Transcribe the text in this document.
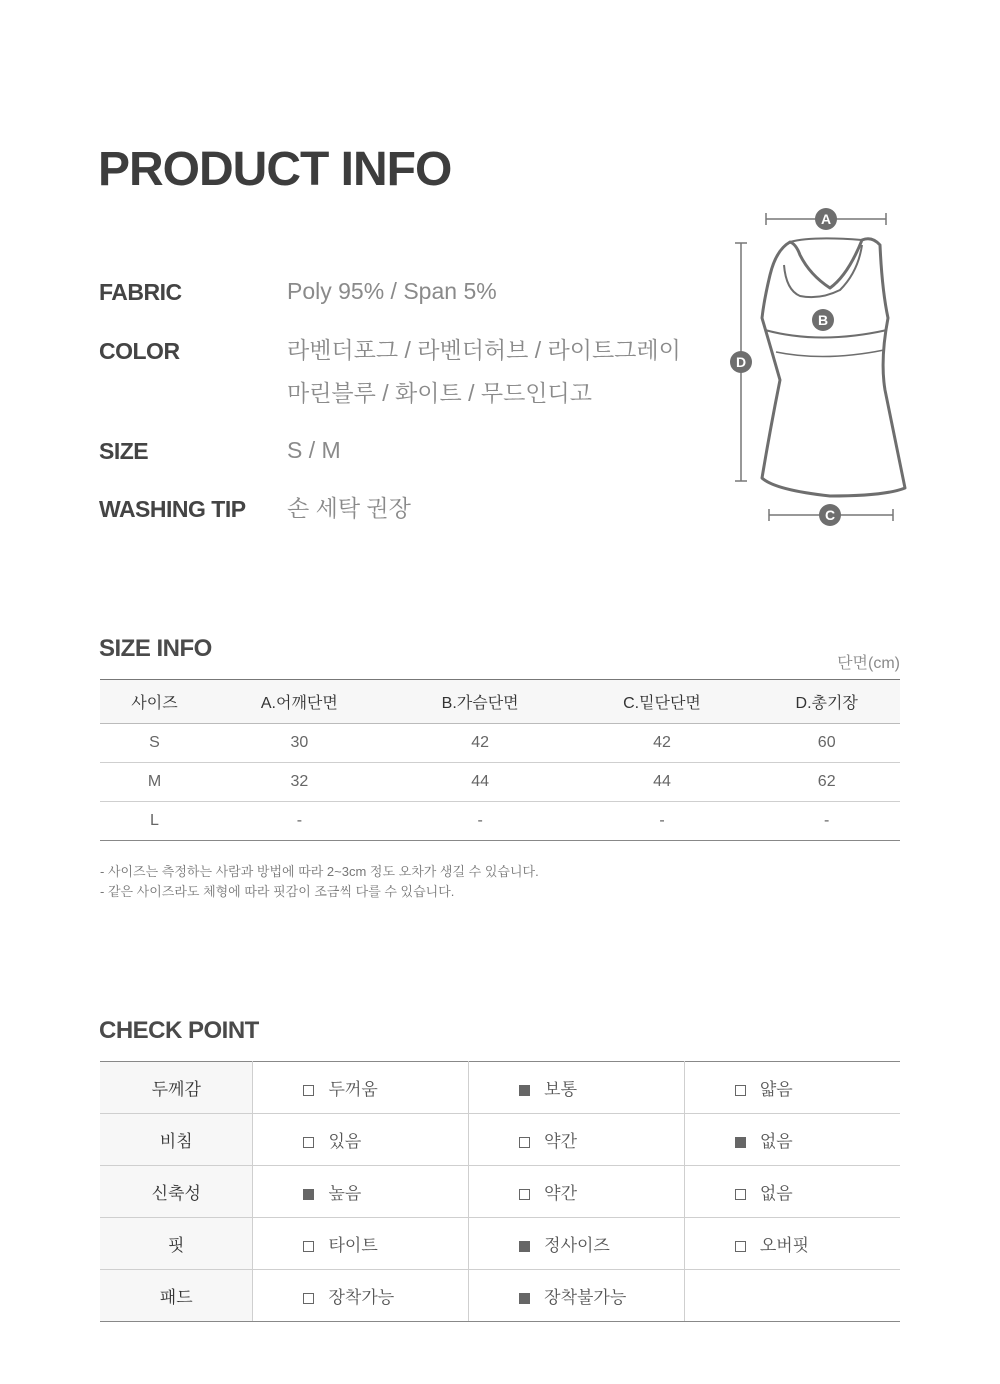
PRODUCT INFO
FABRIC	Poly 95% / Span 5%
COLOR	라벤더포그 / 라벤더허브 / 라이트그레이
마린블루 / 화이트 / 무드인디고
SIZE	S / M
WASHING TIP 손 세탁 권장
A
B
D
C
SIZE INFO
단면(cm)
사이즈	A.어깨단면	B.가슴단면	C.밑단단면	D.총기장
S	30	42	42	60
M	32	44	44	62
L	-	-	-	-
- 사이즈는 측정하는 사람과 방법에 따라 2~3cm 정도 오차가 생길 수 있습니다.
- 같은 사이즈라도 체형에 따라 핏감이 조금씩 다를 수 있습니다.
CHECK POINT
두께감	두꺼움	보통	얇음
비침	있음	약간	없음
신축성	높음	약간	없음
핏	타이트	정사이즈	오버핏
패드	장착가능	장착불가능	
